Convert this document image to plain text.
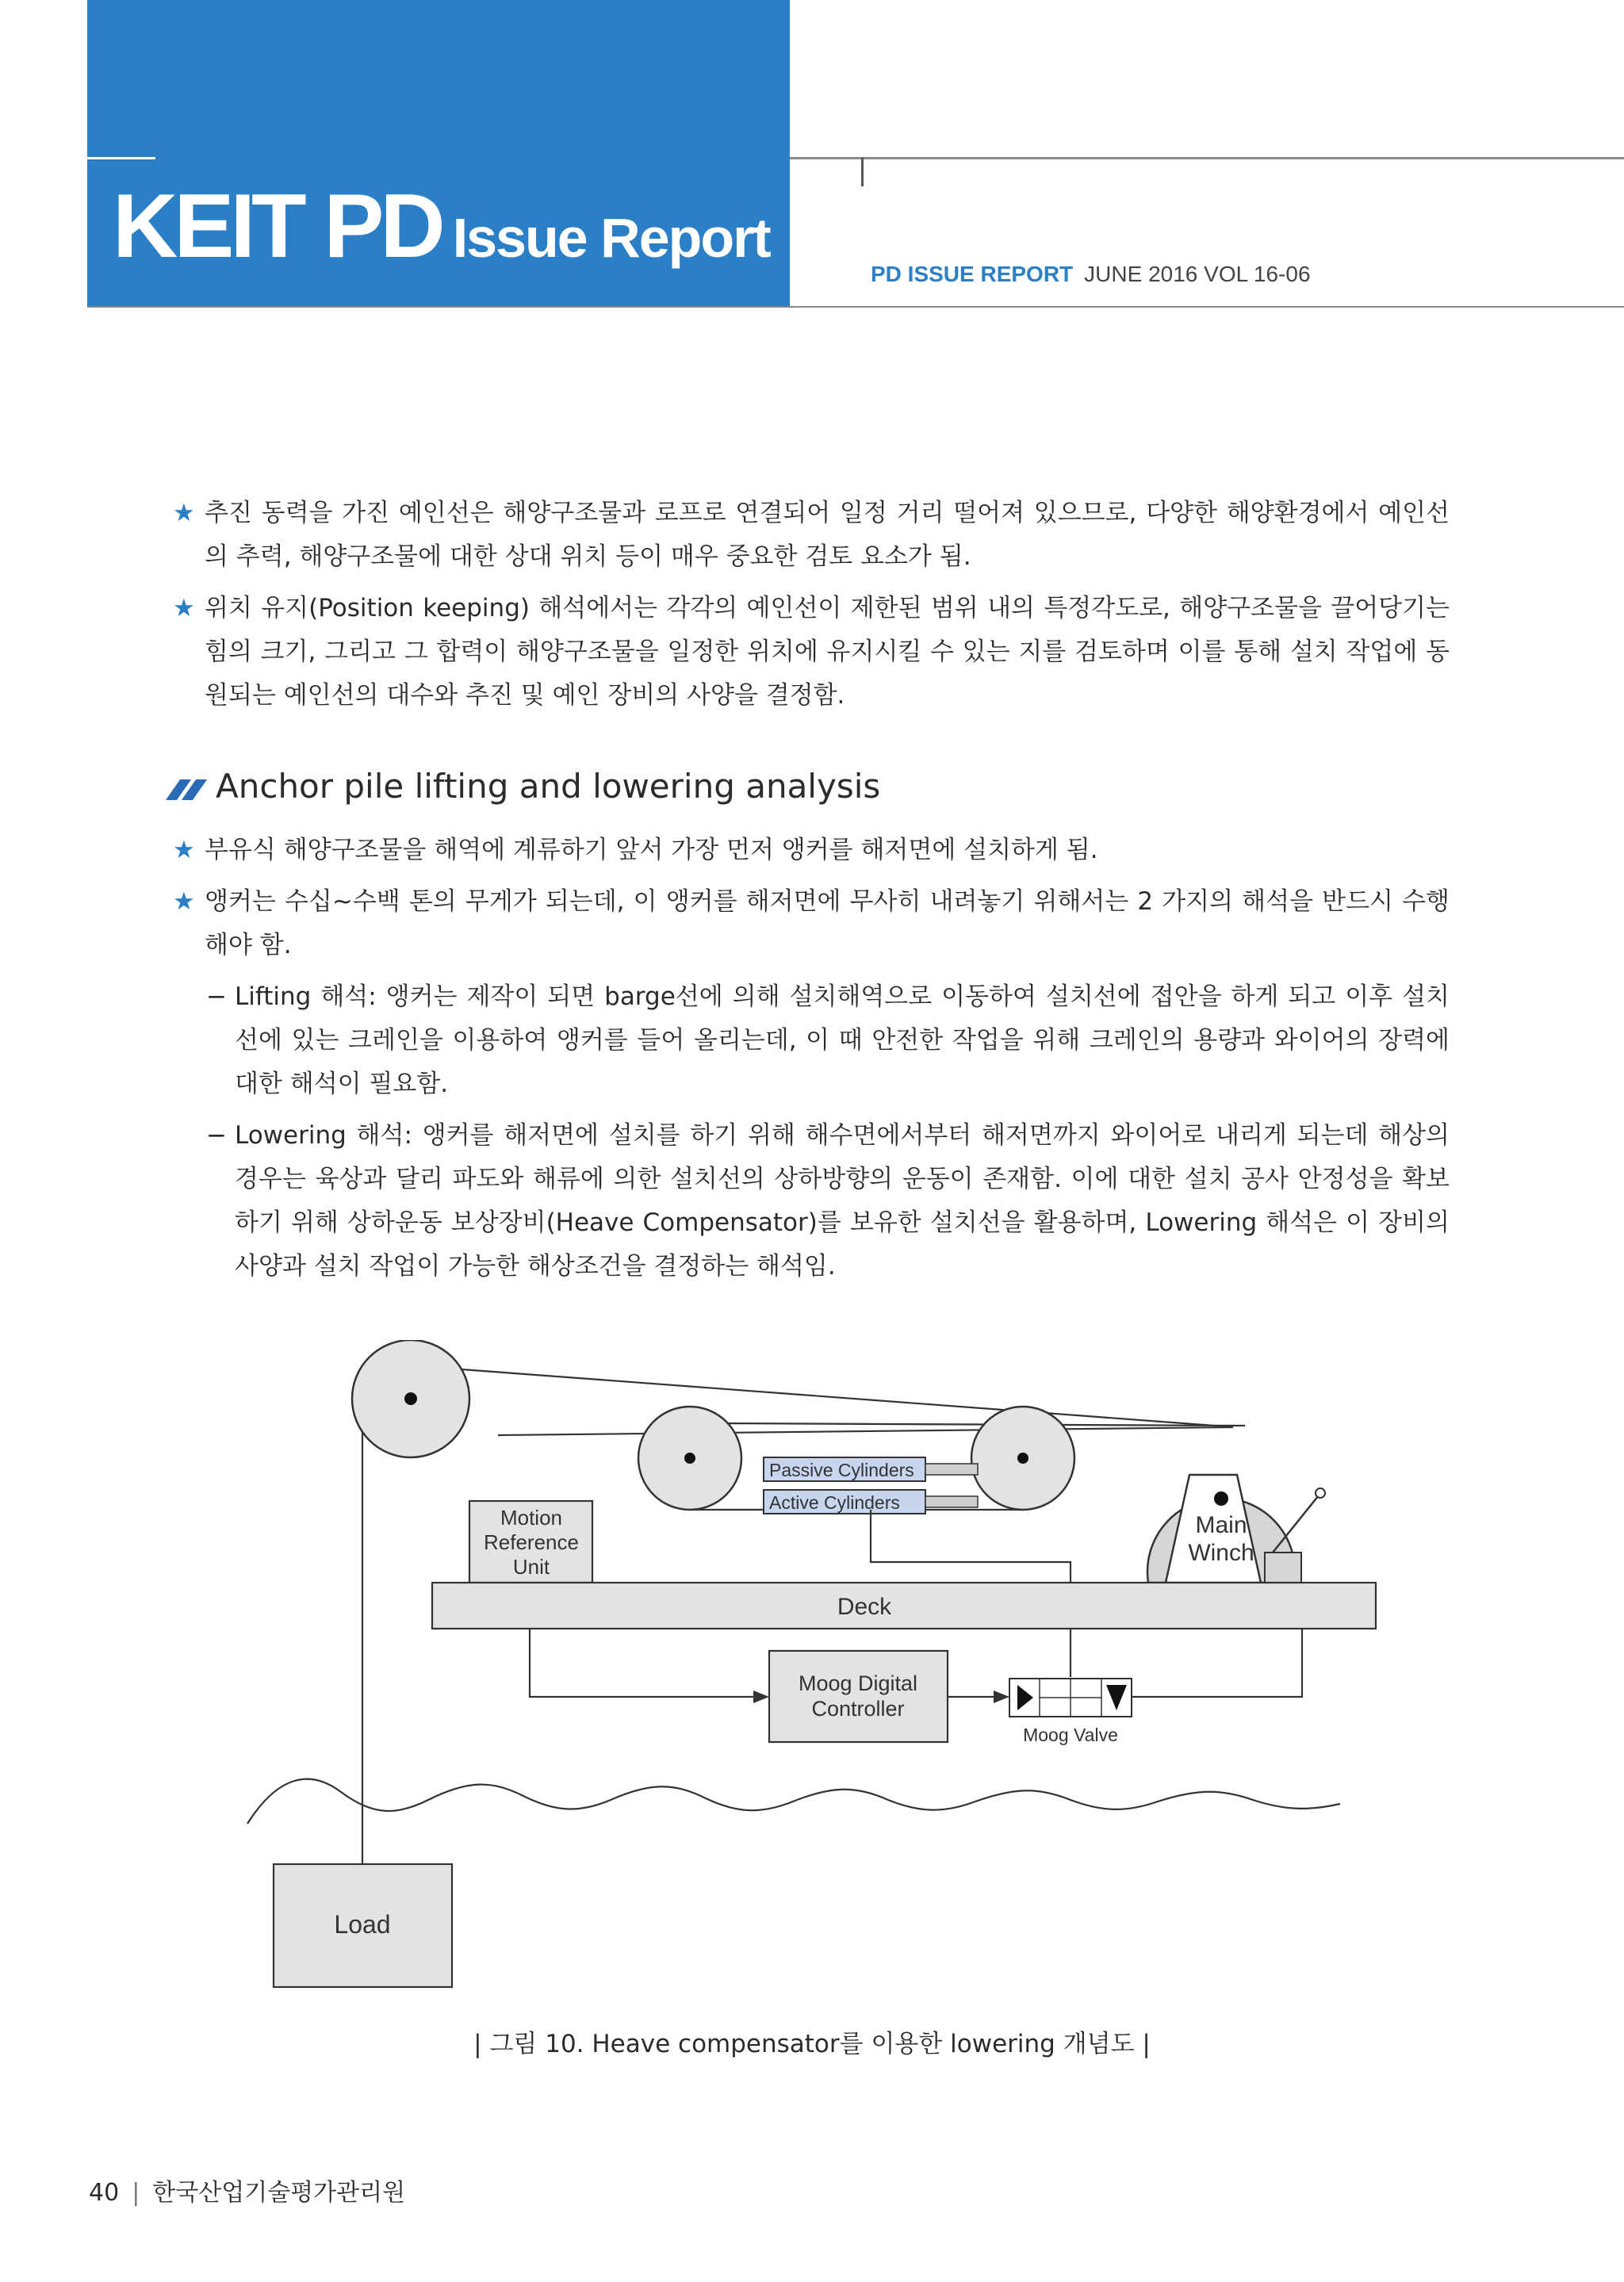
KEIT PD Issue Report
PD ISSUE REPORT JUNE 2016 VOL 16-06
★ 추진 동력을 가진 예인선은 해양구조물과 로프로 연결되어 일정 거리 떨어져 있으므로, 다양한 해양환경에서 예인선의 추력, 해양구조물에 대한 상대 위치 등이 매우 중요한 검토 요소가 됨.
★ 위치 유지(Position keeping) 해석에서는 각각의 예인선이 제한된 범위 내의 특정각도로, 해양구조물을 끌어당기는 힘의 크기, 그리고 그 합력이 해양구조물을 일정한 위치에 유지시킬 수 있는 지를 검토하며 이를 통해 설치 작업에 동원되는 예인선의 대수와 추진 및 예인 장비의 사양을 결정함.
Anchor pile lifting and lowering analysis
★ 부유식 해양구조물을 해역에 계류하기 앞서 가장 먼저 앵커를 해저면에 설치하게 됨.
★ 앵커는 수십~수백 톤의 무게가 되는데, 이 앵커를 해저면에 무사히 내려놓기 위해서는 2 가지의 해석을 반드시 수행해야 함.
− Lifting 해석: 앵커는 제작이 되면 barge선에 의해 설치해역으로 이동하여 설치선에 접안을 하게 되고 이후 설치선에 있는 크레인을 이용하여 앵커를 들어 올리는데, 이 때 안전한 작업을 위해 크레인의 용량과 와이어의 장력에 대한 해석이 필요함.
− Lowering 해석: 앵커를 해저면에 설치를 하기 위해 해수면에서부터 해저면까지 와이어로 내리게 되는데 해상의 경우는 육상과 달리 파도와 해류에 의한 설치선의 상하방향의 운동이 존재함. 이에 대한 설치 공사 안정성을 확보하기 위해 상하운동 보상장비(Heave Compensator)를 보유한 설치선을 활용하며, Lowering 해석은 이 장비의 사양과 설치 작업이 가능한 해상조건을 결정하는 해석임.
Passive Cylinders
Active Cylinders
Main
Winch
Motion
Reference
Unit
Deck
Moog Digital
Controller
Moog Valve
Load
| 그림 10. Heave compensator를 이용한 lowering 개념도 |
40 | 한국산업기술평가관리원
